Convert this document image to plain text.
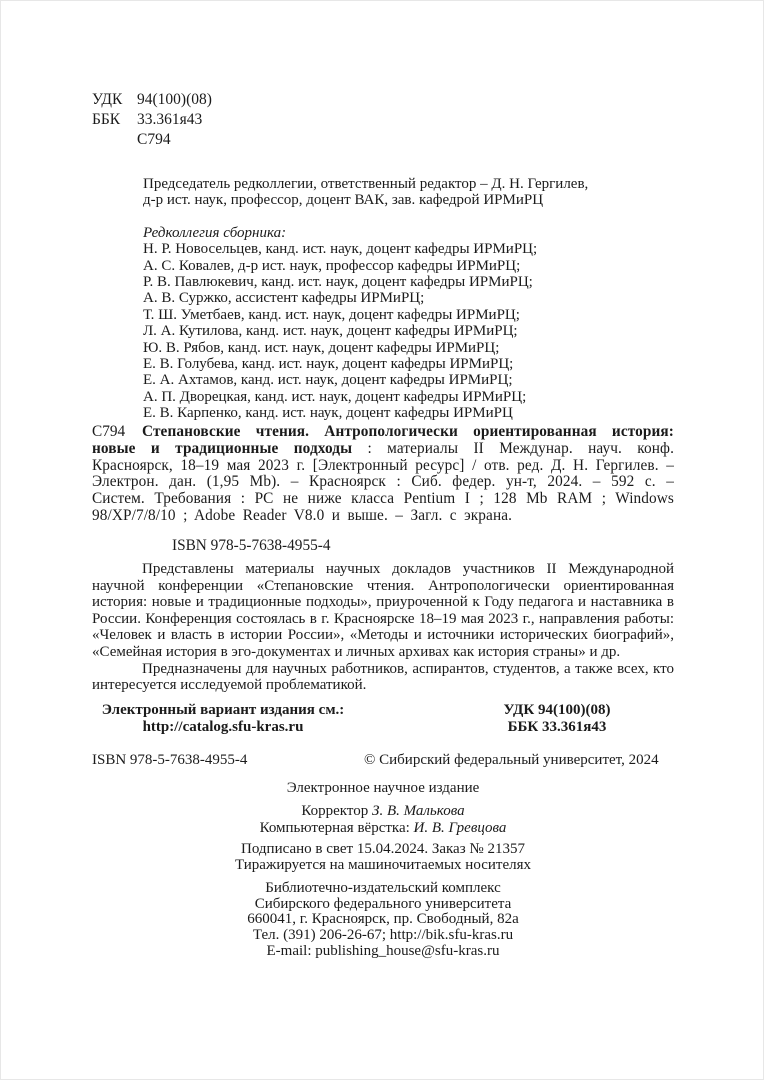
УДК 94(100)(08)
ББК	33.361я43
С794
Председатель редколлегии, ответственный редактор – Д. Н. Гергилев,
д-р ист. наук, профессор, доцент ВАК, зав. кафедрой ИРМиРЦ
Редколлегия сборника:
Н. Р. Новосельцев, канд. ист. наук, доцент кафедры ИРМиРЦ;
А. С. Ковалев, д-р ист. наук, профессор кафедры ИРМиРЦ;
Р. В. Павлюкевич, канд. ист. наук, доцент кафедры ИРМиРЦ;
А. В. Суржко, ассистент кафедры ИРМиРЦ;
Т. Ш. Уметбаев, канд. ист. наук, доцент кафедры ИРМиРЦ;
Л. А. Кутилова, канд. ист. наук, доцент кафедры ИРМиРЦ;
Ю. В. Рябов, канд. ист. наук, доцент кафедры ИРМиРЦ;
Е. В. Голубева, канд. ист. наук, доцент кафедры ИРМиРЦ;
Е. А. Ахтамов, канд. ист. наук, доцент кафедры ИРМиРЦ;
А. П. Дворецкая, канд. ист. наук, доцент кафедры ИРМиРЦ;
Е. В. Карпенко, канд. ист. наук, доцент кафедры ИРМиРЦ
С794	Степановские чтения. Антропологически ориентированная история: новые и традиционные подходы : материалы II Междунар. науч. конф. Красноярск, 18–19 мая 2023 г. [Электронный ресурс] / отв. ред. Д. Н. Гергилев. – Электрон. дан. (1,95 Mb). – Красноярск : Сиб. федер. ун-т, 2024. – 592 с. – Систем. Требования : PC не ниже класса Pentium I ; 128 Mb RAM ; Windows 98/XP/7/8/10 ; Adobe Reader V8.0 и выше. – Загл. с экрана.

ISBN 978-5-7638-4955-4

Представлены материалы научных докладов участников II Международной научной конференции «Степановские чтения. Антропологически ориентированная история: новые и традиционные подходы», приуроченной к Году педагога и наставника в России. Конференция состоялась в г. Красноярске 18–19 мая 2023 г., направления работы: «Человек и власть в истории России», «Методы и источники исторических биографий», «Семейная история в эго-документах и личных архивах как история страны» и др.

Предназначены для научных работников, аспирантов, студентов, а также всех, кто интересуется исследуемой проблематикой.

Электронный вариант издания см.:
http://catalog.sfu-kras.ru
УДК 94(100)(08)
ББК 33.361я43
ISBN 978-5-7638-4955-4	© Сибирский федеральный университет, 2024
Электронное научное издание
Корректор З. В. Малькова
Компьютерная вёрстка: И. В. Гревцова
Подписано в свет 15.04.2024. Заказ № 21357
Тиражируется на машиночитаемых носителях
Библиотечно-издательский комплекс
Сибирского федерального университета
660041, г. Красноярск, пр. Свободный, 82а
Тел. (391) 206-26-67; http://bik.sfu-kras.ru
E-mail: publishing_house@sfu-kras.ru
